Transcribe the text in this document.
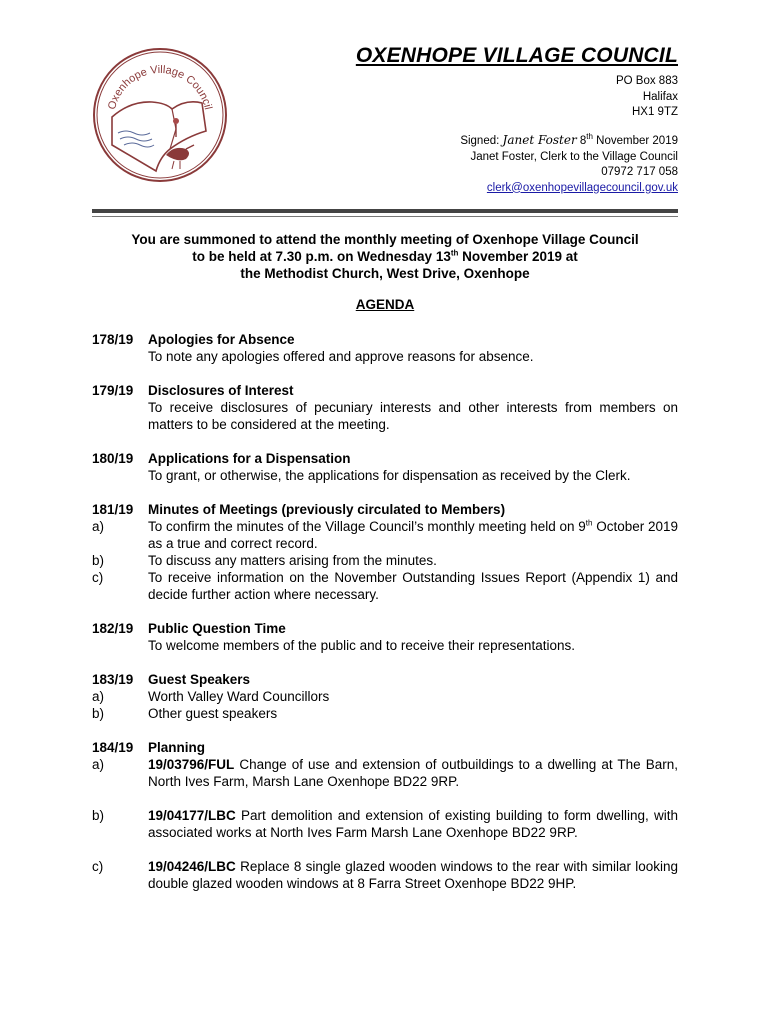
Oxenhope Village Council
OXENHOPE VILLAGE COUNCIL
PO Box 883
Halifax
HX1 9TZ
Signed: Janet Foster 8th November 2019
Janet Foster, Clerk to the Village Council
07972 717 058
clerk@oxenhopevillagecouncil.gov.uk
You are summoned to attend the monthly meeting of Oxenhope Village Council
to be held at 7.30 p.m. on Wednesday 13th November 2019 at
the Methodist Church, West Drive, Oxenhope
AGENDA
178/19	Apologies for Absence
To note any apologies offered and approve reasons for absence.
179/19	Disclosures of Interest
To receive disclosures of pecuniary interests and other interests from members on matters to be considered at the meeting.
180/19	Applications for a Dispensation
To grant, or otherwise, the applications for dispensation as received by the Clerk.
181/19	Minutes of Meetings (previously circulated to Members)
a)	To confirm the minutes of the Village Council’s monthly meeting held on 9th October 2019 as a true and correct record.
b)	To discuss any matters arising from the minutes.
c)	To receive information on the November Outstanding Issues Report (Appendix 1) and decide further action where necessary.
182/19	Public Question Time
To welcome members of the public and to receive their representations.
183/19	Guest Speakers
a)	Worth Valley Ward Councillors
b)	Other guest speakers
184/19	Planning
a)	19/03796/FUL Change of use and extension of outbuildings to a dwelling at The Barn, North Ives Farm, Marsh Lane Oxenhope BD22 9RP.
b)	19/04177/LBC Part demolition and extension of existing building to form dwelling, with associated works at North Ives Farm Marsh Lane Oxenhope BD22 9RP.
c)	19/04246/LBC Replace 8 single glazed wooden windows to the rear with similar looking double glazed wooden windows at 8 Farra Street Oxenhope BD22 9HP.
